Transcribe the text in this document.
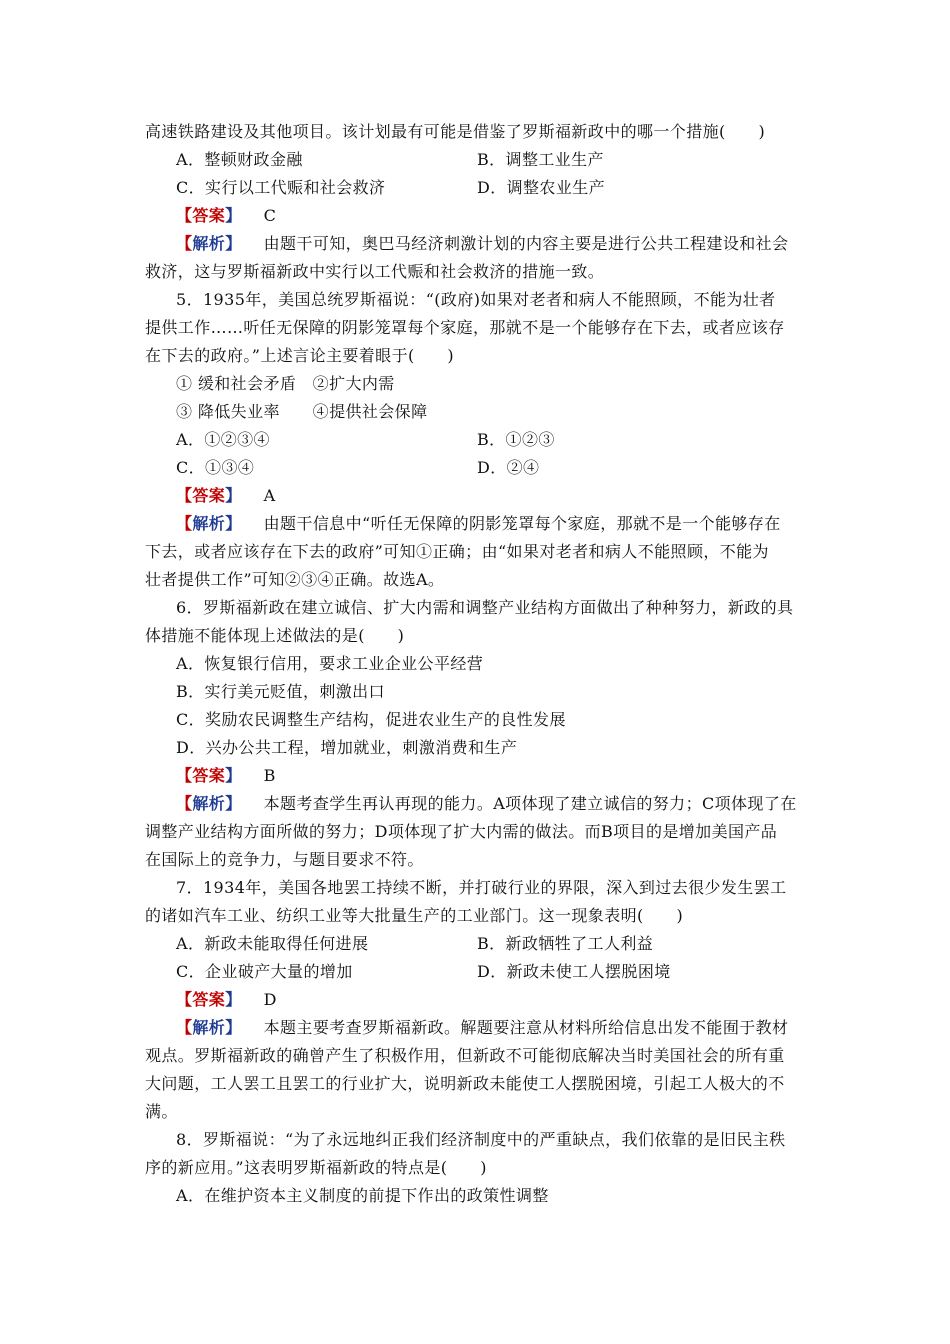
高速铁路建设及其他项目。该计划最有可能是借鉴了罗斯福新政中的哪一个措施(　　)
A．整顿财政金融	B．调整工业生产
C．实行以工代赈和社会救济	D．调整农业生产
【答案】 C
【解析】 由题干可知，奥巴马经济刺激计划的内容主要是进行公共工程建设和社会
救济，这与罗斯福新政中实行以工代赈和社会救济的措施一致。
5．1935年，美国总统罗斯福说：“(政府)如果对老者和病人不能照顾，不能为壮者
提供工作……听任无保障的阴影笼罩每个家庭，那就不是一个能够存在下去，或者应该存
在下去的政府。”上述言论主要着眼于(　　)
① 缓和社会矛盾　②扩大内需
③ 降低失业率　　④提供社会保障
A．①②③④	B．①②③
C．①③④	D．②④
【答案】 A
【解析】 由题干信息中“听任无保障的阴影笼罩每个家庭，那就不是一个能够存在
下去，或者应该存在下去的政府”可知①正确；由“如果对老者和病人不能照顾，不能为
壮者提供工作”可知②③④正确。故选A。
6．罗斯福新政在建立诚信、扩大内需和调整产业结构方面做出了种种努力，新政的具
体措施不能体现上述做法的是(　　)
A．恢复银行信用，要求工业企业公平经营
B．实行美元贬值，刺激出口
C．奖励农民调整生产结构，促进农业生产的良性发展
D．兴办公共工程，增加就业，刺激消费和生产
【答案】 B
【解析】 本题考查学生再认再现的能力。A项体现了建立诚信的努力；C项体现了在
调整产业结构方面所做的努力；D项体现了扩大内需的做法。而B项目的是增加美国产品
在国际上的竞争力，与题目要求不符。
7．1934年，美国各地罢工持续不断，并打破行业的界限，深入到过去很少发生罢工
的诸如汽车工业、纺织工业等大批量生产的工业部门。这一现象表明(　　)
A．新政未能取得任何进展	B．新政牺牲了工人利益
C．企业破产大量的增加	D．新政未使工人摆脱困境
【答案】 D
【解析】 本题主要考查罗斯福新政。解题要注意从材料所给信息出发不能囿于教材
观点。罗斯福新政的确曾产生了积极作用，但新政不可能彻底解决当时美国社会的所有重
大问题，工人罢工且罢工的行业扩大，说明新政未能使工人摆脱困境，引起工人极大的不
满。
8．罗斯福说：“为了永远地纠正我们经济制度中的严重缺点，我们依靠的是旧民主秩
序的新应用。”这表明罗斯福新政的特点是(　　)
A．在维护资本主义制度的前提下作出的政策性调整
